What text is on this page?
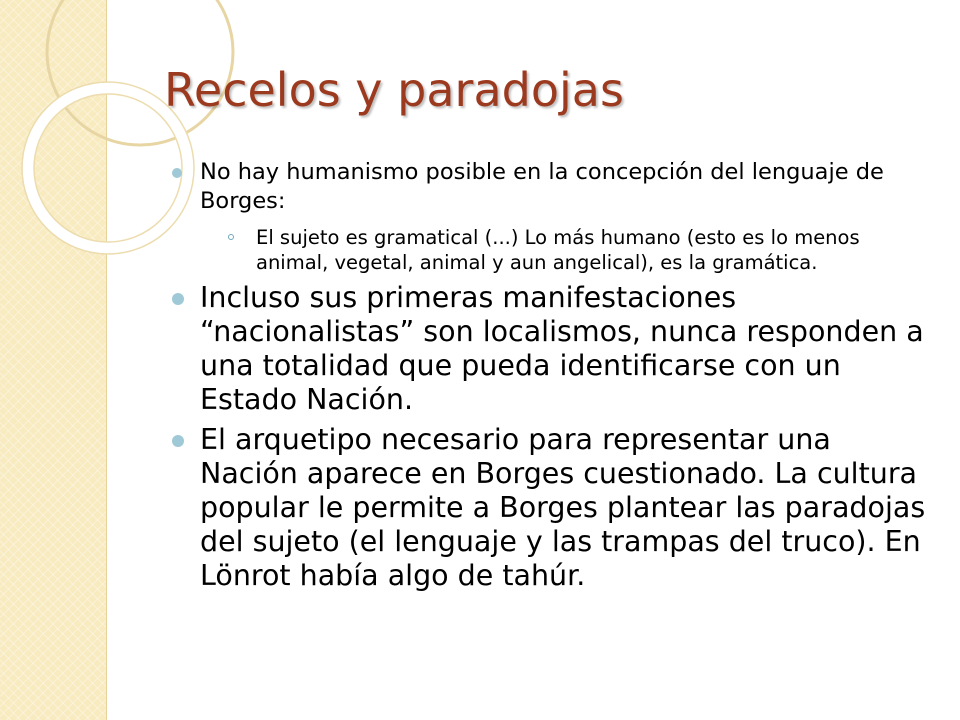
Recelos y paradojas
No hay humanismo posible en la concepción del lenguaje de Borges:
El sujeto es gramatical (...) Lo más humano (esto es lo menos animal, vegetal, animal y aun angelical), es la gramática.
Incluso sus primeras manifestaciones “nacionalistas” son localismos, nunca responden a una totalidad que pueda identificarse con un Estado Nación.
El arquetipo necesario para representar una Nación aparece en Borges cuestionado. La cultura popular le permite a Borges plantear las paradojas del sujeto (el lenguaje y las trampas del truco). En Lönrot había algo de tahúr.
